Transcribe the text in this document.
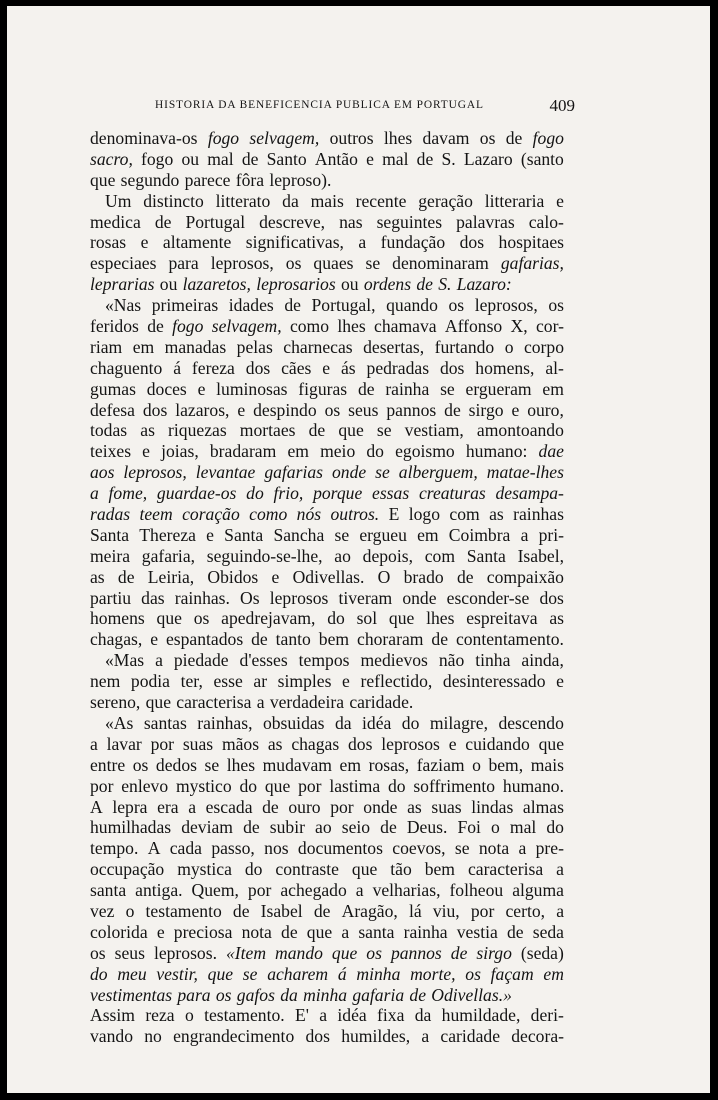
HISTORIA DA BENEFICENCIA PUBLICA EM PORTUGAL	409
denominava-os fogo selvagem, outros lhes davam os de fogo
sacro, fogo ou mal de Santo Antão e mal de S. Lazaro (santo
que segundo parece fôra leproso).
Um distincto litterato da mais recente geração litteraria e
medica de Portugal descreve, nas seguintes palavras calo-
rosas e altamente significativas, a fundação dos hospitaes
especiaes para leprosos, os quaes se denominaram gafarias,
leprarias ou lazaretos, leprosarios ou ordens de S. Lazaro:
«Nas primeiras idades de Portugal, quando os leprosos, os
feridos de fogo selvagem, como lhes chamava Affonso X, cor-
riam em manadas pelas charnecas desertas, furtando o corpo
chaguento á fereza dos cães e ás pedradas dos homens, al-
gumas doces e luminosas figuras de rainha se ergueram em
defesa dos lazaros, e despindo os seus pannos de sirgo e ouro,
todas as riquezas mortaes de que se vestiam, amontoando
teixes e joias, bradaram em meio do egoismo humano: dae
aos leprosos, levantae gafarias onde se alberguem, matae-lhes
a fome, guardae-os do frio, porque essas creaturas desampa-
radas teem coração como nós outros. E logo com as rainhas
Santa Thereza e Santa Sancha se ergueu em Coimbra a pri-
meira gafaria, seguindo-se-lhe, ao depois, com Santa Isabel,
as de Leiria, Obidos e Odivellas. O brado de compaixão
partiu das rainhas. Os leprosos tiveram onde esconder-se dos
homens que os apedrejavam, do sol que lhes espreitava as
chagas, e espantados de tanto bem choraram de contentamento.
«Mas a piedade d'esses tempos medievos não tinha ainda,
nem podia ter, esse ar simples e reflectido, desinteressado e
sereno, que caracterisa a verdadeira caridade.
«As santas rainhas, obsuidas da idéa do milagre, descendo
a lavar por suas mãos as chagas dos leprosos e cuidando que
entre os dedos se lhes mudavam em rosas, faziam o bem, mais
por enlevo mystico do que por lastima do soffrimento humano.
A lepra era a escada de ouro por onde as suas lindas almas
humilhadas deviam de subir ao seio de Deus. Foi o mal do
tempo. A cada passo, nos documentos coevos, se nota a pre-
occupação mystica do contraste que tão bem caracterisa a
santa antiga. Quem, por achegado a velharias, folheou alguma
vez o testamento de Isabel de Aragão, lá viu, por certo, a
colorida e preciosa nota de que a santa rainha vestia de seda
os seus leprosos. «Item mando que os pannos de sirgo (seda)
do meu vestir, que se acharem á minha morte, os façam em
vestimentas para os gafos da minha gafaria de Odivellas.»
Assim reza o testamento. E' a idéa fixa da humildade, deri-
vando no engrandecimento dos humildes, a caridade decora-
